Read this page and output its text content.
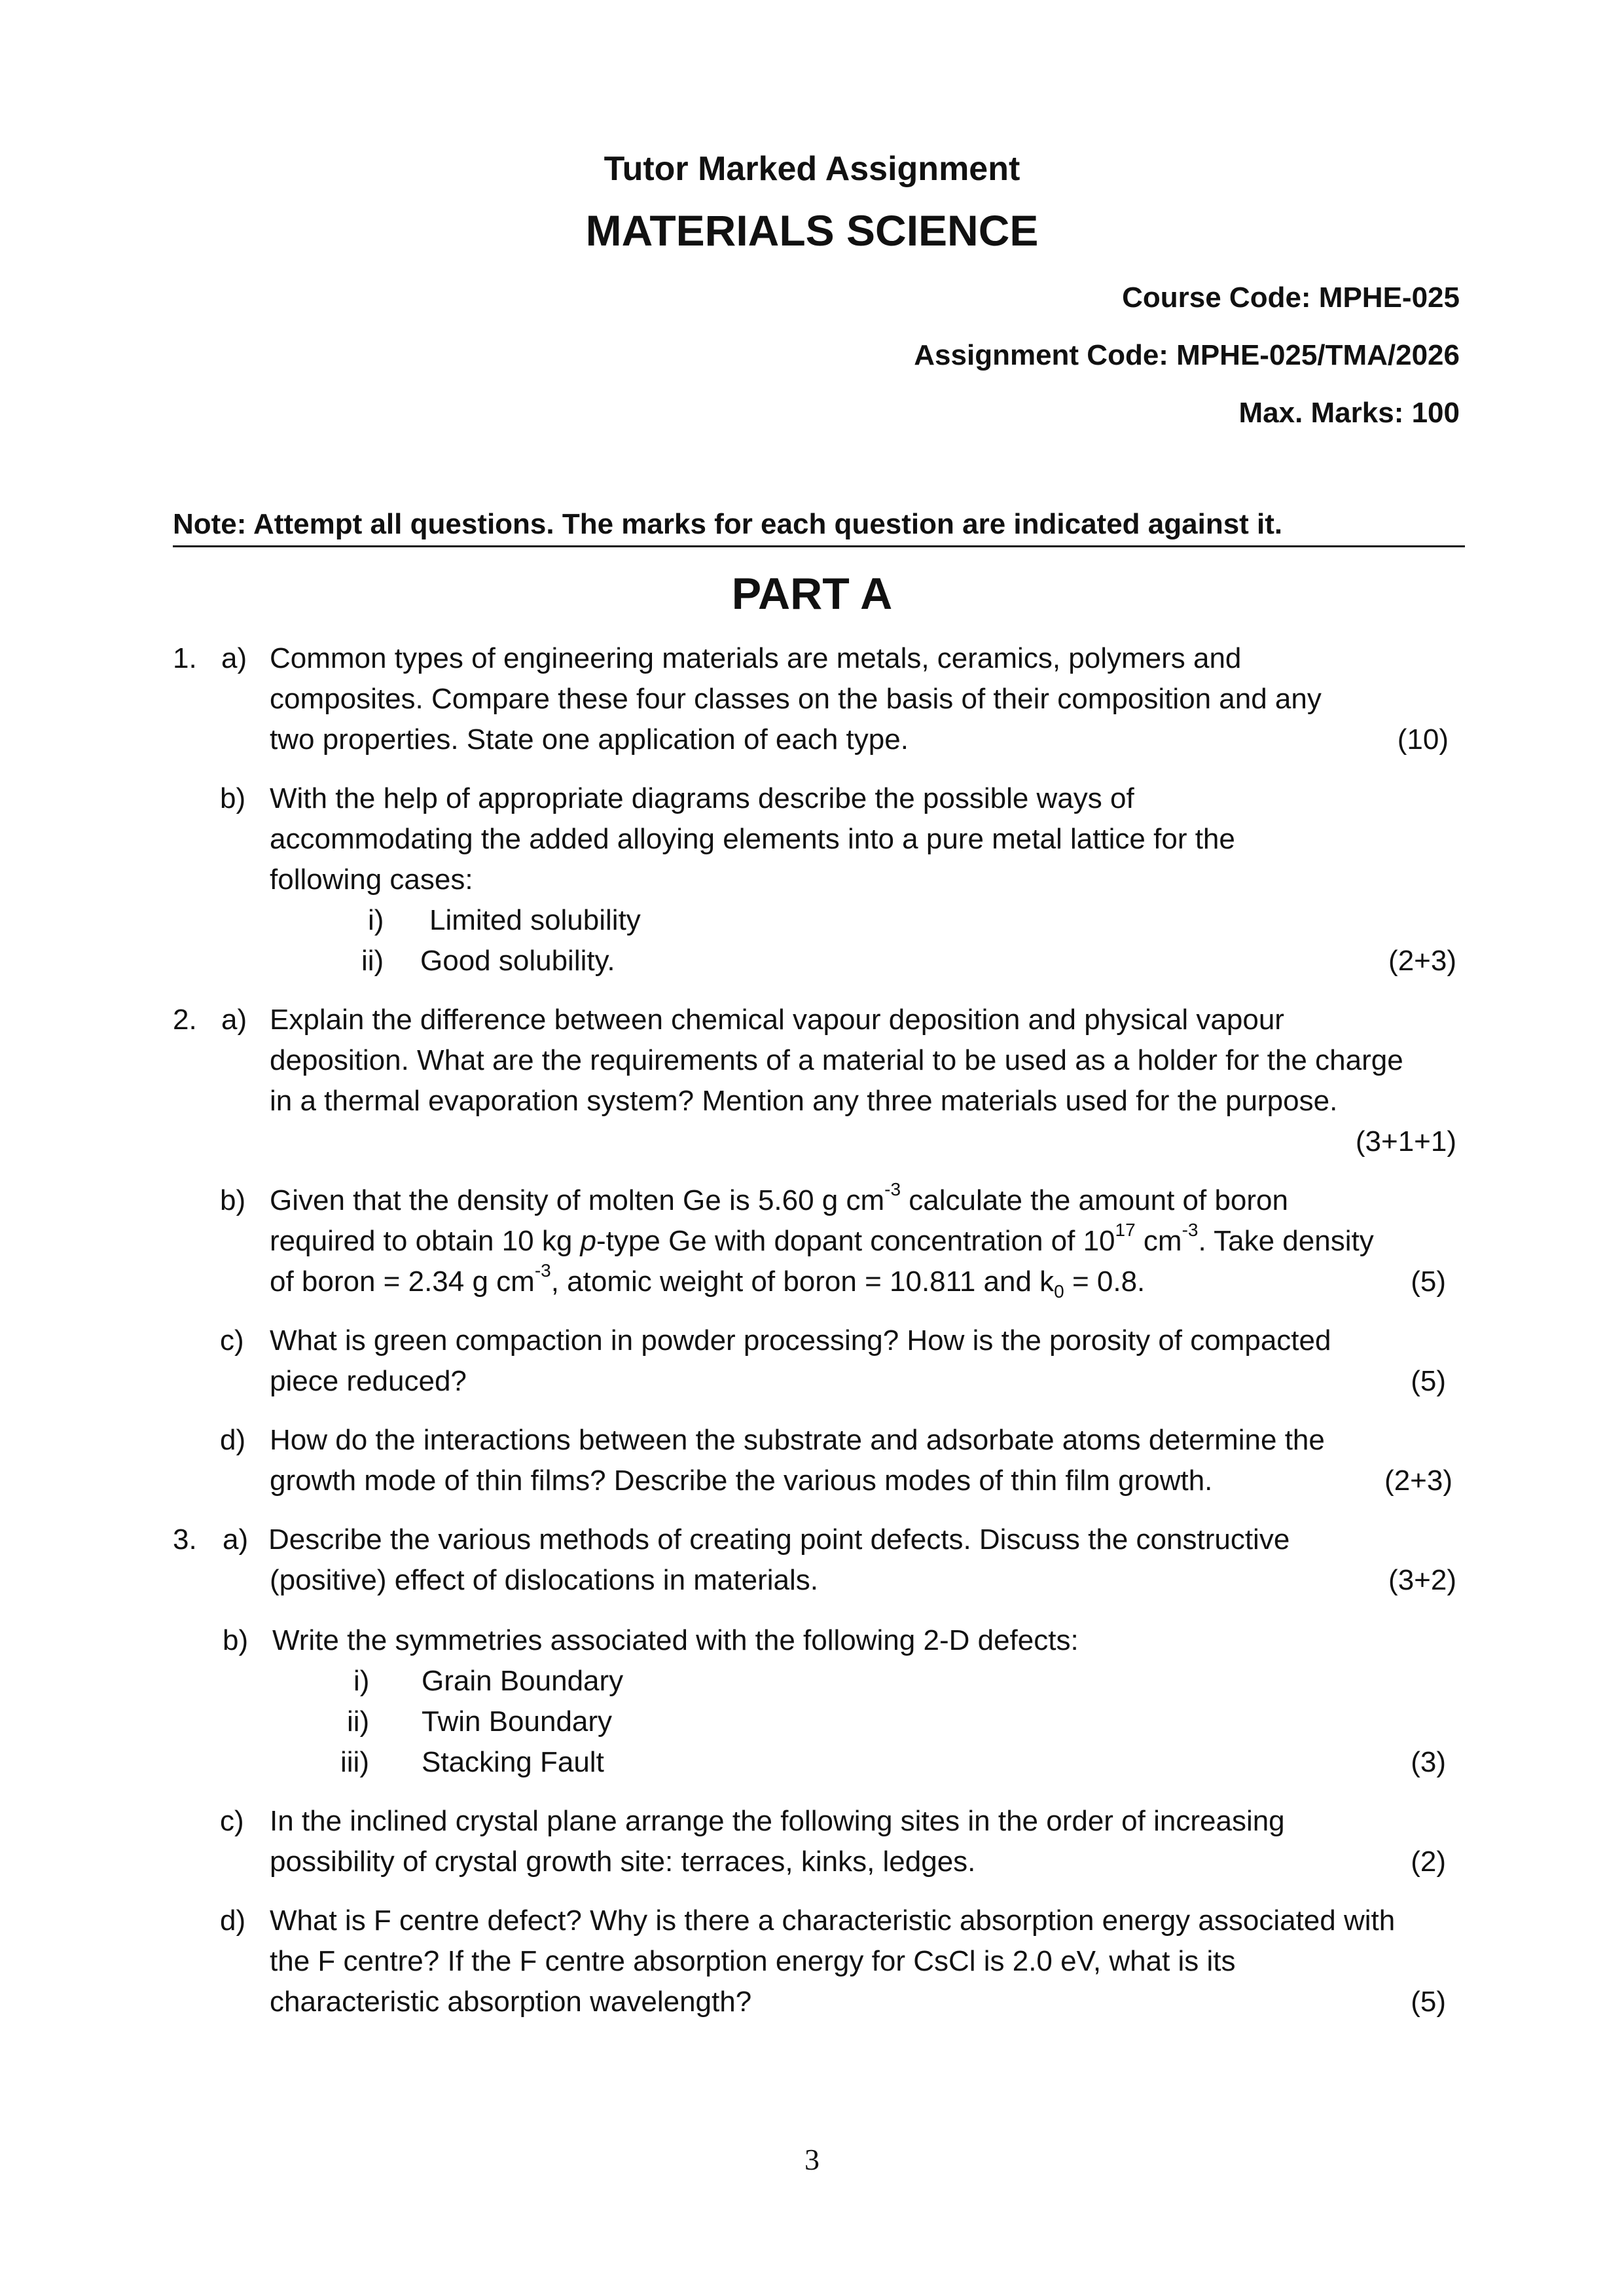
Tutor Marked Assignment
MATERIALS SCIENCE
Course Code: MPHE-025
Assignment Code: MPHE-025/TMA/2026
Max. Marks: 100
Note: Attempt all questions. The marks for each question are indicated against it.
PART A
1. a) Common types of engineering materials are metals, ceramics, polymers and
composites. Compare these four classes on the basis of their composition and any
two properties. State one application of each type.	(10)
b) With the help of appropriate diagrams describe the possible ways of
accommodating the added alloying elements into a pure metal lattice for the
following cases:
i) Limited solubility
ii) Good solubility.	(2+3)
2. a) Explain the difference between chemical vapour deposition and physical vapour
deposition. What are the requirements of a material to be used as a holder for the charge
in a thermal evaporation system? Mention any three materials used for the purpose.
(3+1+1)
b) Given that the density of molten Ge is 5.60 g $cm^{-3}$ calculate the amount of boron
required to obtain 10 kg p-type Ge with dopant concentration of $10^{17}$ $cm^{-3}$. Take density
of boron = 2.34 g $cm^{-3}$, atomic weight of boron = 10.811 and $k_0 = 0.8$.	(5)
c) What is green compaction in powder processing? How is the porosity of compacted
piece reduced?	(5)
d) How do the interactions between the substrate and adsorbate atoms determine the
growth mode of thin films? Describe the various modes of thin film growth.	(2+3)
3. a) Describe the various methods of creating point defects. Discuss the constructive
(positive) effect of dislocations in materials.	(3+2)
b) Write the symmetries associated with the following 2-D defects:
i) Grain Boundary
ii) Twin Boundary
iii) Stacking Fault	(3)
c) In the inclined crystal plane arrange the following sites in the order of increasing
possibility of crystal growth site: terraces, kinks, ledges.	(2)
d) What is F centre defect? Why is there a characteristic absorption energy associated with
the F centre? If the F centre absorption energy for CsCl is 2.0 eV, what is its
characteristic absorption wavelength?	(5)
3
